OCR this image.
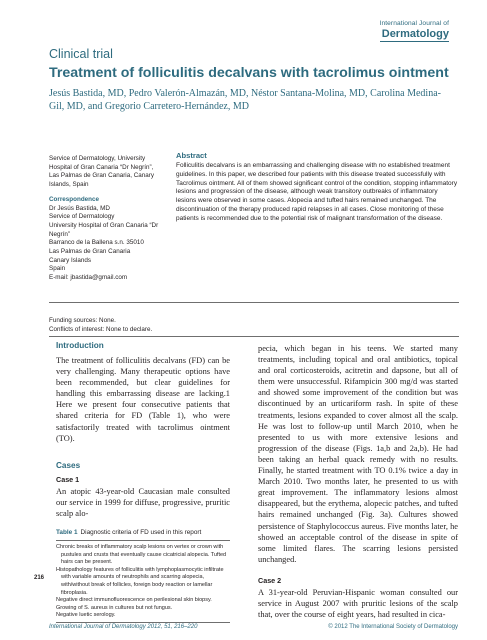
International Journal of
Dermatology
Clinical trial
Treatment of folliculitis decalvans with tacrolimus ointment
Jesús Bastida, MD, Pedro Valerón-Almazán, MD, Néstor Santana-Molina, MD, Carolina Medina-Gil, MD, and Gregorio Carretero-Hernández, MD

Service of Dermatology, University

Hospital of Gran Canaria “Dr Negrín”,

Las Palmas de Gran Canaria, Canary

Islands, Spain

Correspondence

Dr Jesús Bastida, MD

Service of Dermatology

University Hospital of Gran Canaria “Dr

Negrín”

Barranco de la Ballena s.n. 35010

Las Palmas de Gran Canaria

Canary Islands

Spain

E-mail: jbastida@gmail.com

Funding sources: None.

Conflicts of interest: None to declare.

Abstract

Folliculitis decalvans is an embarrassing and challenging disease with no established treatment guidelines. In this paper, we described four patients with this disease treated successfully with Tacrolimus ointment. All of them showed significant control of the condition, stopping inflammatory lesions and progression of the disease, although weak transitory outbreaks of inflammatory lesions were observed in some cases. Alopecia and tufted hairs remained unchanged. The discontinuation of the therapy produced rapid relapses in all cases. Close monitoring of these patients is recommended due to the potential risk of malignant transformation of the disease.

216
Introduction

The treatment of folliculitis decalvans (FD) can be very challenging. Many therapeutic options have been recommended, but clear guidelines for handling this embarrassing disease are lacking.1 Here we present four consecutive patients that shared criteria for FD (Table 1), who were satisfactorily treated with tacrolimus ointment (TO).

Cases
Case 1

An atopic 43-year-old Caucasian male consulted our service in 1999 for diffuse, progressive, pruritic scalp alo-

Table 1 Diagnostic criteria of FD used in this report
Chronic breaks of inflammatory scalp lesions on vertex or crown with pustules and crusts that eventually cause cicatricial alopecia. Tufted hairs can be present.
Histopathology features of folliculitis with lymphoplasmocytic infiltrate with variable amounts of neutrophils and scarring alopecia, with/without break of follicles, foreign body reaction or lamellar fibroplasia.
Negative direct immunofluorescence on perilesional skin biopsy.
Growing of S. aureus in cultures but not fungus.
Negative luetic serology.

pecia, which began in his teens. We started many treatments, including topical and oral antibiotics, topical and oral corticosteroids, acitretin and dapsone, but all of them were unsuccessful. Rifampicin 300 mg/d was started and showed some improvement of the condition but was discontinued by an urticariform rash. In spite of these treatments, lesions expanded to cover almost all the scalp. He was lost to follow-up until March 2010, when he presented to us with more extensive lesions and progression of the disease (Figs. 1a,b and 2a,b). He had been taking an herbal quack remedy with no results. Finally, he started treatment with TO 0.1% twice a day in March 2010. Two months later, he presented to us with great improvement. The inflammatory lesions almost disappeared, but the erythema, alopecic patches, and tufted hairs remained unchanged (Fig. 3a). Cultures showed persistence of Staphylococcus aureus. Five months later, he showed an acceptable control of the disease in spite of some limited flares. The scarring lesions persisted unchanged.

Case 2

A 31-year-old Peruvian-Hispanic woman consulted our service in August 2007 with pruritic lesions of the scalp that, over the course of eight years, had resulted in cica-

International Journal of Dermatology 2012, 51, 216–220	© 2012 The International Society of Dermatology
